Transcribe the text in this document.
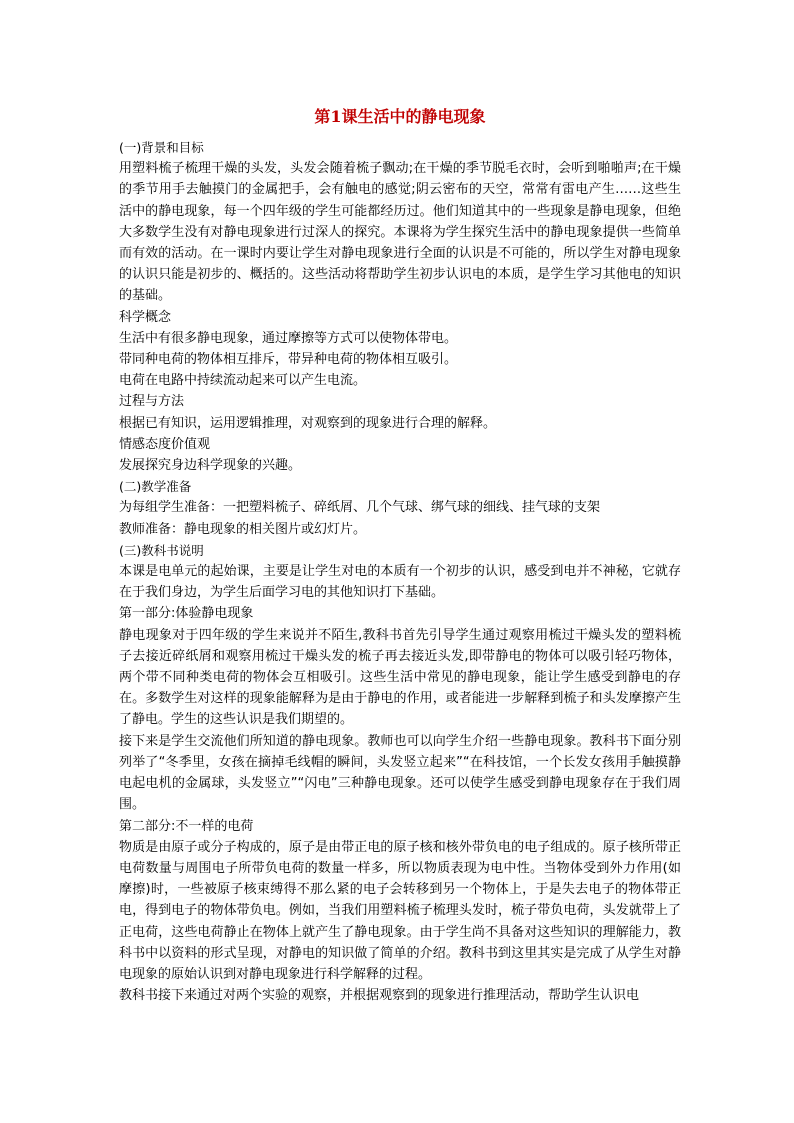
第1课生活中的静电现象

(一)背景和目标

用塑料梳子梳理干燥的头发，头发会随着梳子飘动;在干燥的季节脱毛衣时，会听到啪啪声;在干燥的季节用手去触摸门的金属把手，会有触电的感觉;阴云密布的天空，常常有雷电产生……这些生活中的静电现象，每一个四年级的学生可能都经历过。他们知道其中的一些现象是静电现象，但绝大多数学生没有对静电现象进行过深人的探究。本课将为学生探究生活中的静电现象提供一些简单而有效的活动。在一课时内要让学生对静电现象进行全面的认识是不可能的，所以学生对静电现象的认识只能是初步的、概括的。这些活动将帮助学生初步认识电的本质，是学生学习其他电的知识的基础。

科学概念

生活中有很多静电现象，通过摩擦等方式可以使物体带电。

带同种电荷的物体相互排斥，带异种电荷的物体相互吸引。

电荷在电路中持续流动起来可以产生电流。

过程与方法

根据已有知识，运用逻辑推理，对观察到的现象进行合理的解释。

情感态度价值观

发展探究身边科学现象的兴趣。

(二)教学准备

为每组学生准备：一把塑料梳子、碎纸屑、几个气球、绑气球的细线、挂气球的支架

教师准备：静电现象的相关图片或幻灯片。

(三)教科书说明

本课是电单元的起始课，主要是让学生对电的本质有一个初步的认识，感受到电并不神秘，它就存在于我们身边，为学生后面学习电的其他知识打下基础。

第一部分:体验静电现象

静电现象对于四年级的学生来说并不陌生,教科书首先引导学生通过观察用梳过干燥头发的塑料梳子去接近碎纸屑和观察用梳过干燥头发的梳子再去接近头发,即带静电的物体可以吸引轻巧物体，两个带不同种类电荷的物体会互相吸引。这些生活中常见的静电现象，能让学生感受到静电的存在。多数学生对这样的现象能解释为是由于静电的作用，或者能进一步解释到梳子和头发摩擦产生了静电。学生的这些认识是我们期望的。

接下来是学生交流他们所知道的静电现象。教师也可以向学生介绍一些静电现象。教科书下面分别列举了“冬季里，女孩在摘掉毛线帽的瞬间，头发竖立起来”“在科技馆，一个长发女孩用手触摸静电起电机的金属球，头发竖立”“闪电”三种静电现象。还可以使学生感受到静电现象存在于我们周围。

第二部分:不一样的电荷

物质是由原子或分子构成的，原子是由带正电的原子核和核外带负电的电子组成的。原子核所带正电荷数量与周围电子所带负电荷的数量一样多，所以物质表现为电中性。当物体受到外力作用(如摩擦)时，一些被原子核束缚得不那么紧的电子会转移到另一个物体上，于是失去电子的物体带正电，得到电子的物体带负电。例如，当我们用塑料梳子梳理头发时，梳子带负电荷，头发就带上了正电荷，这些电荷静止在物体上就产生了静电现象。由于学生尚不具备对这些知识的理解能力，教科书中以资料的形式呈现，对静电的知识做了简单的介绍。教科书到这里其实是完成了从学生对静电现象的原始认识到对静电现象进行科学解释的过程。

教科书接下来通过对两个实验的观察，并根据观察到的现象进行推理活动，帮助学生认识电
